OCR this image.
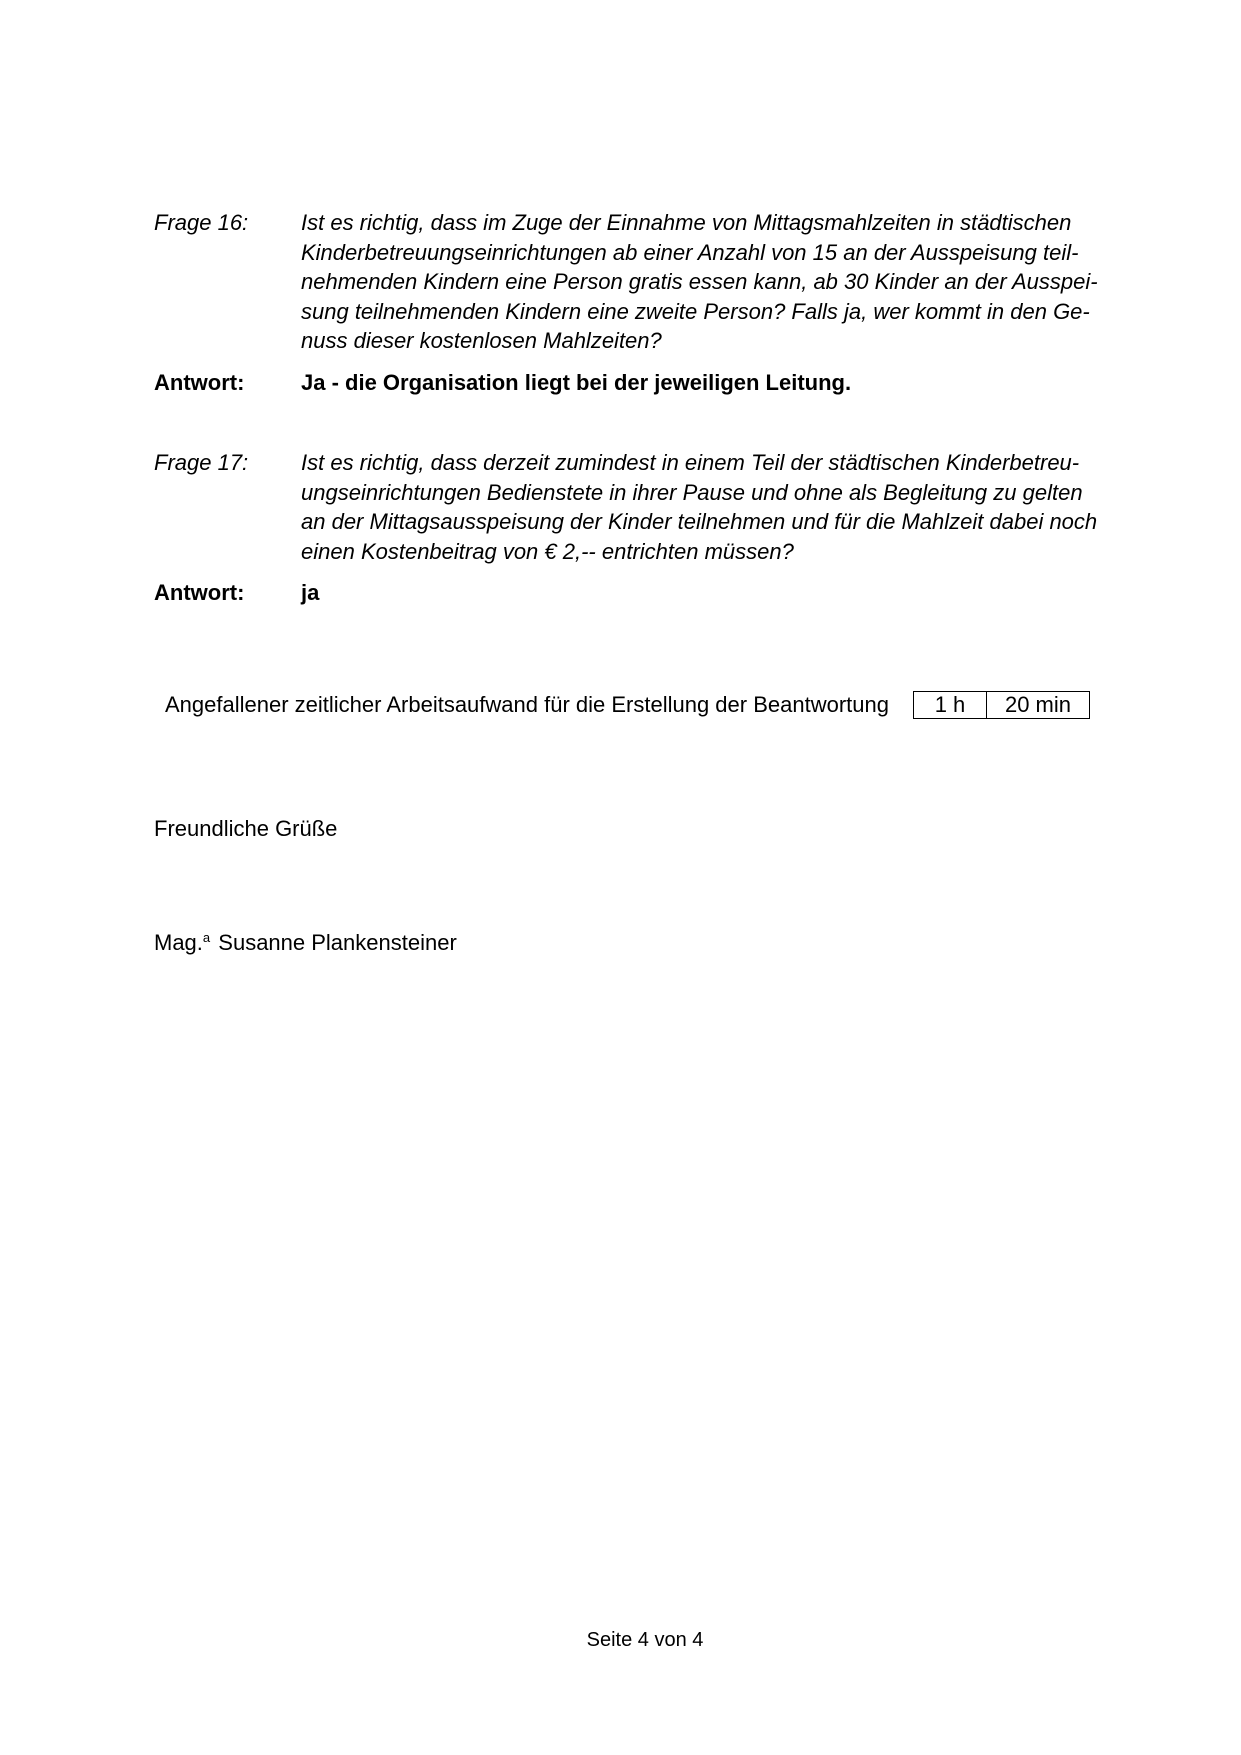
Frage 16:	Ist es richtig, dass im Zuge der Einnahme von Mittagsmahlzeiten in städtischen

Kinderbetreuungseinrichtungen ab einer Anzahl von 15 an der Ausspeisung teil-

nehmenden Kindern eine Person gratis essen kann, ab 30 Kinder an der Ausspei-

sung teilnehmenden Kindern eine zweite Person? Falls ja, wer kommt in den Ge-

nuss dieser kostenlosen Mahlzeiten?

Antwort:	Ja - die Organisation liegt bei der jeweiligen Leitung.
Frage 17:	Ist es richtig, dass derzeit zumindest in einem Teil der städtischen Kinderbetreu-

ungseinrichtungen Bedienstete in ihrer Pause und ohne als Begleitung zu gelten

an der Mittagsausspeisung der Kinder teilnehmen und für die Mahlzeit dabei noch

einen Kostenbeitrag von € 2,-- entrichten müssen?

Antwort:	ja
Angefallener zeitlicher Arbeitsaufwand für die Erstellung der Beantwortung 1 h	20 min
Freundliche Grüße
Mag.$^a$ Susanne Plankensteiner
Seite 4 von 4
